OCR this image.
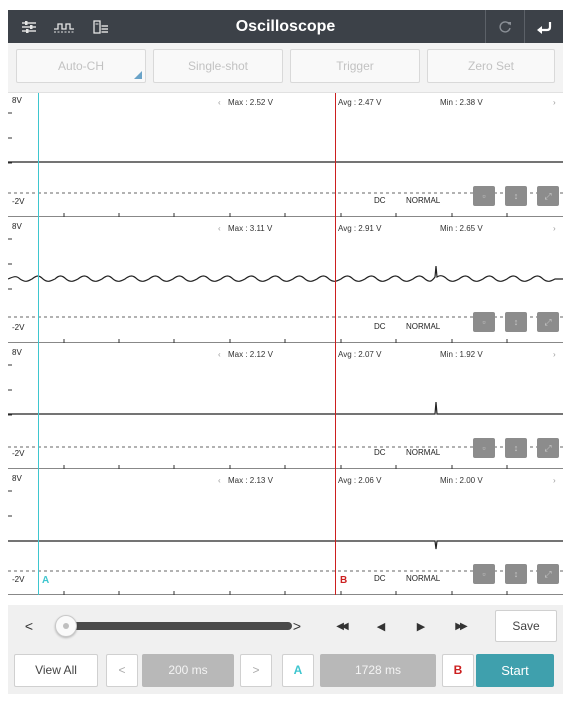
Oscilloscope
Auto-CH	Single-shot	Trigger	Zero Set
8V
-2V
‹ Max : 2.52 V	Avg : 2.47 V	Min : 2.38 V	›
DC	NORMAL	▫	↕	⤢
8V
-2V
‹ Max : 3.11 V	Avg : 2.91 V	Min : 2.65 V	›
DC	NORMAL	▫	↕	⤢
8V
-2V
‹ Max : 2.12 V	Avg : 2.07 V	Min : 1.92 V	›
DC	NORMAL	▫	↕	⤢
8V
-2V
‹ Max : 2.13 V	Avg : 2.06 V	Min : 2.00 V	›
DC	NORMAL
A	B
▫	↕	⤢
<	>	◀◀	◀	▶	▶▶	Save
View All	<	200 ms	>	A	1728 ms	B	Start
